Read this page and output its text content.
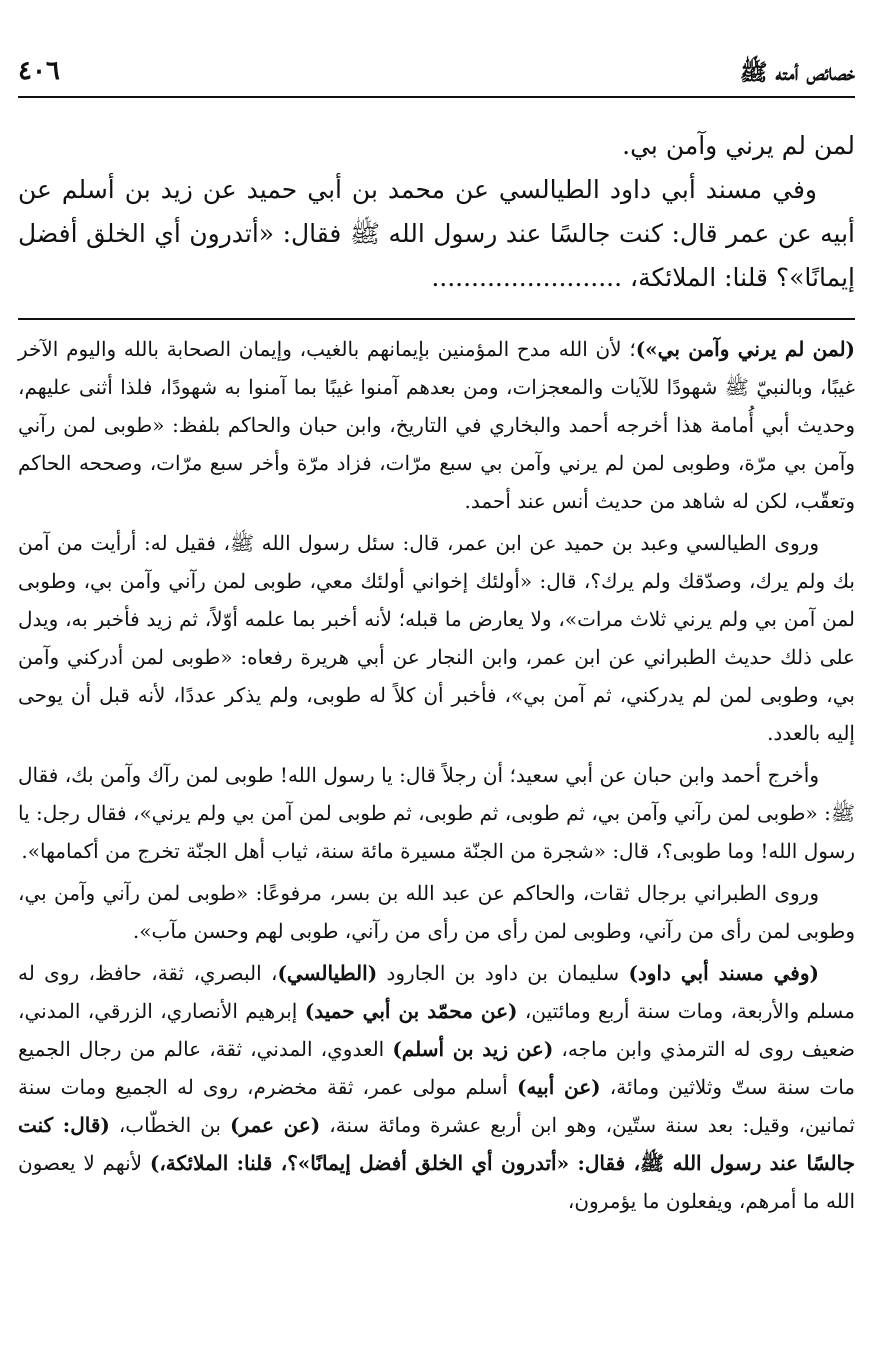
٤٠٦	خصائص أمته ﷺ

لمن لم يرني وآمن بي.

وفي مسند أبي داود الطيالسي عن محمد بن أبي حميد عن زيد بن أسلم عن أبيه عن عمر قال: كنت جالسًا عند رسول الله ﷺ فقال: «أتدرون أي الخلق أفضل إيمانًا»؟ قلنا: الملائكة، ........................

(لمن لم يرني وآمن بي»)؛ لأن الله مدح المؤمنين بإيمانهم بالغيب، وإيمان الصحابة بالله واليوم الآخر غيبًا، وبالنبيّ ﷺ شهودًا للآيات والمعجزات، ومن بعدهم آمنوا غيبًا بما آمنوا به شهودًا، فلذا أثنى عليهم، وحديث أبي أُمامة هذا أخرجه أحمد والبخاري في التاريخ، وابن حبان والحاكم بلفظ: «طوبى لمن رآني وآمن بي مرّة، وطوبى لمن لم يرني وآمن بي سبع مرّات، فزاد مرّة وأخر سبع مرّات، وصححه الحاكم وتعقّب، لكن له شاهد من حديث أنس عند أحمد.

وروى الطيالسي وعبد بن حميد عن ابن عمر، قال: سئل رسول الله ﷺ، فقيل له: أرأيت من آمن بك ولم يرك، وصدّقك ولم يرك؟، قال: «أولئك إخواني أولئك معي، طوبى لمن رآني وآمن بي، وطوبى لمن آمن بي ولم يرني ثلاث مرات»، ولا يعارض ما قبله؛ لأنه أخبر بما علمه أوّلاً، ثم زيد فأخبر به، ويدل على ذلك حديث الطبراني عن ابن عمر، وابن النجار عن أبي هريرة رفعاه: «طوبى لمن أدركني وآمن بي، وطوبى لمن لم يدركني، ثم آمن بي»، فأخبر أن كلاً له طوبى، ولم يذكر عددًا، لأنه قبل أن يوحى إليه بالعدد.

وأخرج أحمد وابن حبان عن أبي سعيد؛ أن رجلاً قال: يا رسول الله! طوبى لمن رآك وآمن بك، فقال ﷺ: «طوبى لمن رآني وآمن بي، ثم طوبى، ثم طوبى، ثم طوبى لمن آمن بي ولم يرني»، فقال رجل: يا رسول الله! وما طوبى؟، قال: «شجرة من الجنّة مسيرة مائة سنة، ثياب أهل الجنّة تخرج من أكمامها».

وروى الطبراني برجال ثقات، والحاكم عن عبد الله بن بسر، مرفوعًا: «طوبى لمن رآني وآمن بي، وطوبى لمن رأى من رآني، وطوبى لمن رأى من رأى من رآني، طوبى لهم وحسن مآب».

(وفي مسند أبي داود) سليمان بن داود بن الجارود (الطيالسي)، البصري، ثقة، حافظ، روى له مسلم والأربعة، ومات سنة أربع ومائتين، (عن محمّد بن أبي حميد) إبرهيم الأنصاري، الزرقي، المدني، ضعيف روى له الترمذي وابن ماجه، (عن زيد بن أسلم) العدوي، المدني، ثقة، عالم من رجال الجميع مات سنة ستّ وثلاثين ومائة، (عن أبيه) أسلم مولى عمر، ثقة مخضرم، روى له الجميع ومات سنة ثمانين، وقيل: بعد سنة ستّين، وهو ابن أربع عشرة ومائة سنة، (عن عمر) بن الخطّاب، (قال: كنت جالسًا عند رسول الله ﷺ، فقال: «أتدرون أي الخلق أفضل إيمانًا»؟، قلنا: الملائكة،) لأنهم لا يعصون الله ما أمرهم، ويفعلون ما يؤمرون،
